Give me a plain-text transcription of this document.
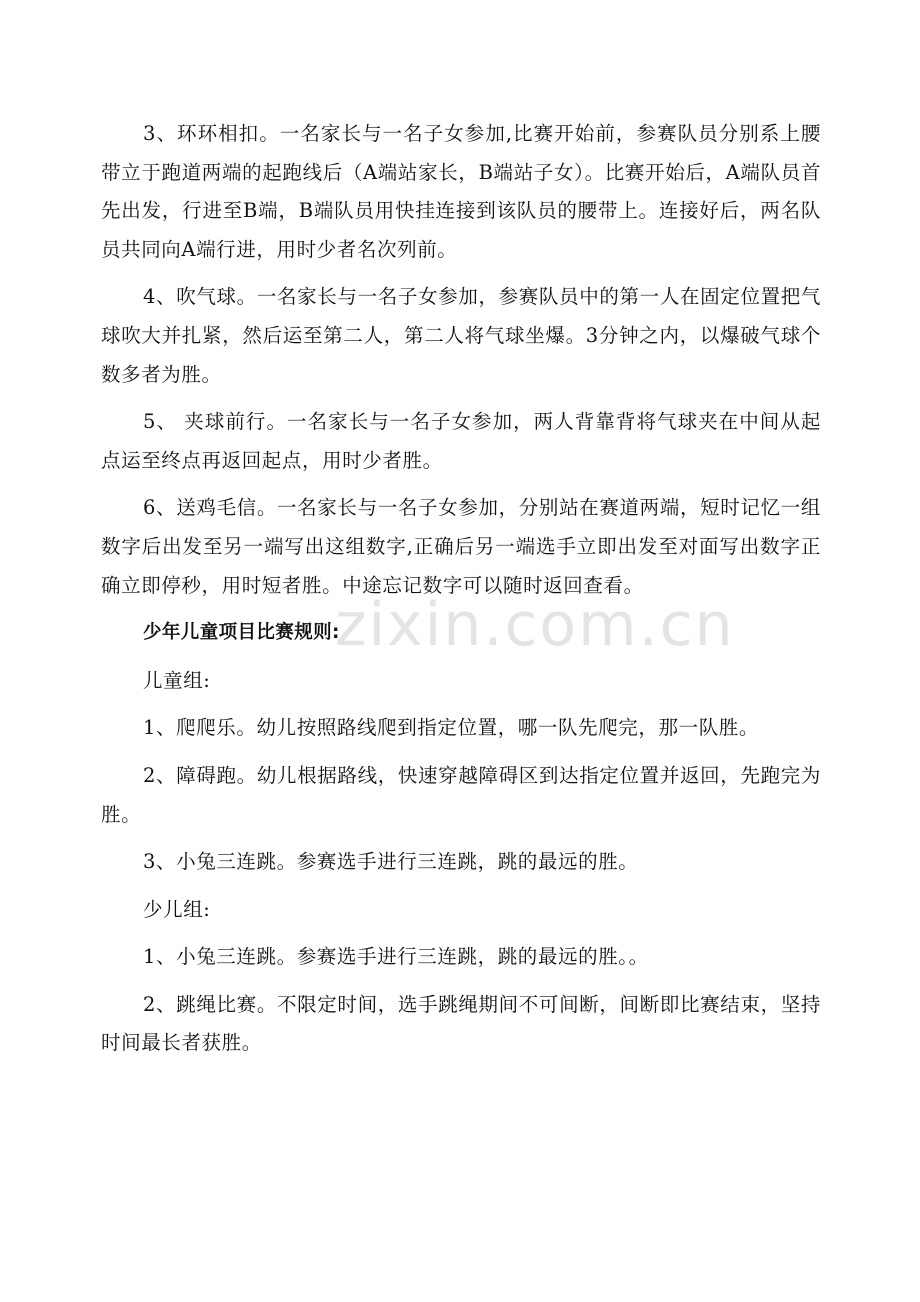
3、环环相扣。一名家长与一名子女参加,比赛开始前，参赛队员分别系上腰带立于跑道两端的起跑线后（A端站家长，B端站子女）。比赛开始后，A端队员首先出发，行进至B端，B端队员用快挂连接到该队员的腰带上。连接好后，两名队员共同向A端行进，用时少者名次列前。

4、吹气球。一名家长与一名子女参加，参赛队员中的第一人在固定位置把气球吹大并扎紧，然后运至第二人，第二人将气球坐爆。3分钟之内，以爆破气球个数多者为胜。

5、 夹球前行。一名家长与一名子女参加，两人背靠背将气球夹在中间从起点运至终点再返回起点，用时少者胜。

6、送鸡毛信。一名家长与一名子女参加，分别站在赛道两端，短时记忆一组数字后出发至另一端写出这组数字,正确后另一端选手立即出发至对面写出数字正确立即停秒，用时短者胜。中途忘记数字可以随时返回查看。

少年儿童项目比赛规则:

儿童组:

1、爬爬乐。幼儿按照路线爬到指定位置，哪一队先爬完，那一队胜。

2、障碍跑。幼儿根据路线，快速穿越障碍区到达指定位置并返回，先跑完为胜。

3、小兔三连跳。参赛选手进行三连跳，跳的最远的胜。

少儿组:

1、小兔三连跳。参赛选手进行三连跳，跳的最远的胜。。

2、跳绳比赛。不限定时间，选手跳绳期间不可间断，间断即比赛结束，坚持时间最长者获胜。

zixin.com.cn
